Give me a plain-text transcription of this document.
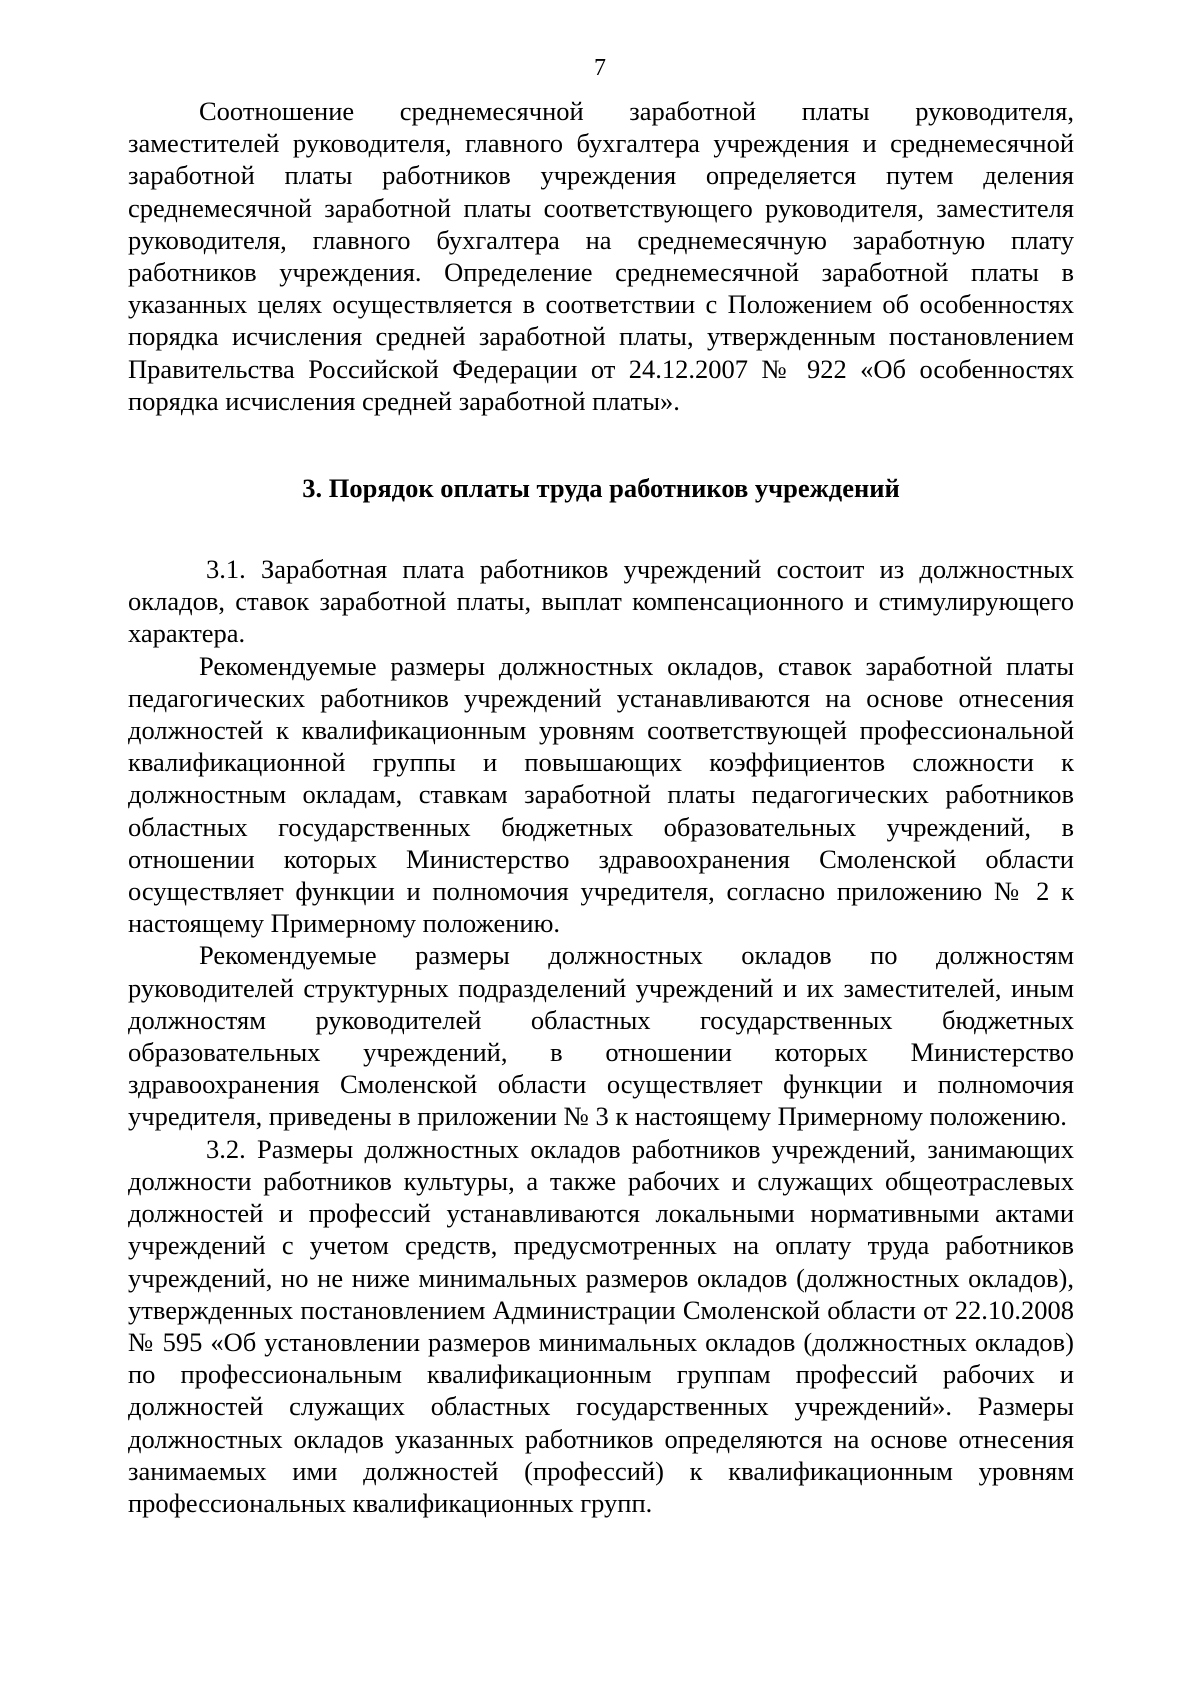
7

Соотношение среднемесячной заработной платы руководителя, заместителей руководителя, главного бухгалтера учреждения и среднемесячной заработной платы работников учреждения определяется путем деления среднемесячной заработной платы соответствующего руководителя, заместителя руководителя, главного бухгалтера на среднемесячную заработную плату работников учреждения. Определение среднемесячной заработной платы в указанных целях осуществляется в соответствии с Положением об особенностях порядка исчисления средней заработной платы, утвержденным постановлением Правительства Российской Федерации от 24.12.2007 № 922 «Об особенностях порядка исчисления средней заработной платы».

3. Порядок оплаты труда работников учреждений

3.1. Заработная плата работников учреждений состоит из должностных окладов, ставок заработной платы, выплат компенсационного и стимулирующего характера.

Рекомендуемые размеры должностных окладов, ставок заработной платы педагогических работников учреждений устанавливаются на основе отнесения должностей к квалификационным уровням соответствующей профессиональной квалификационной группы и повышающих коэффициентов сложности к должностным окладам, ставкам заработной платы педагогических работников областных государственных бюджетных образовательных учреждений, в отношении которых Министерство здравоохранения Смоленской области осуществляет функции и полномочия учредителя, согласно приложению № 2 к настоящему Примерному положению.

Рекомендуемые размеры должностных окладов по должностям руководителей структурных подразделений учреждений и их заместителей, иным должностям руководителей областных государственных бюджетных образовательных учреждений, в отношении которых Министерство здравоохранения Смоленской области осуществляет функции и полномочия учредителя, приведены в приложении № 3 к настоящему Примерному положению.

3.2. Размеры должностных окладов работников учреждений, занимающих должности работников культуры, а также рабочих и служащих общеотраслевых должностей и профессий устанавливаются локальными нормативными актами учреждений с учетом средств, предусмотренных на оплату труда работников учреждений, но не ниже минимальных размеров окладов (должностных окладов), утвержденных постановлением Администрации Смоленской области от 22.10.2008 № 595 «Об установлении размеров минимальных окладов (должностных окладов) по профессиональным квалификационным группам профессий рабочих и должностей служащих областных государственных учреждений». Размеры должностных окладов указанных работников определяются на основе отнесения занимаемых ими должностей (профессий) к квалификационным уровням профессиональных квалификационных групп.
